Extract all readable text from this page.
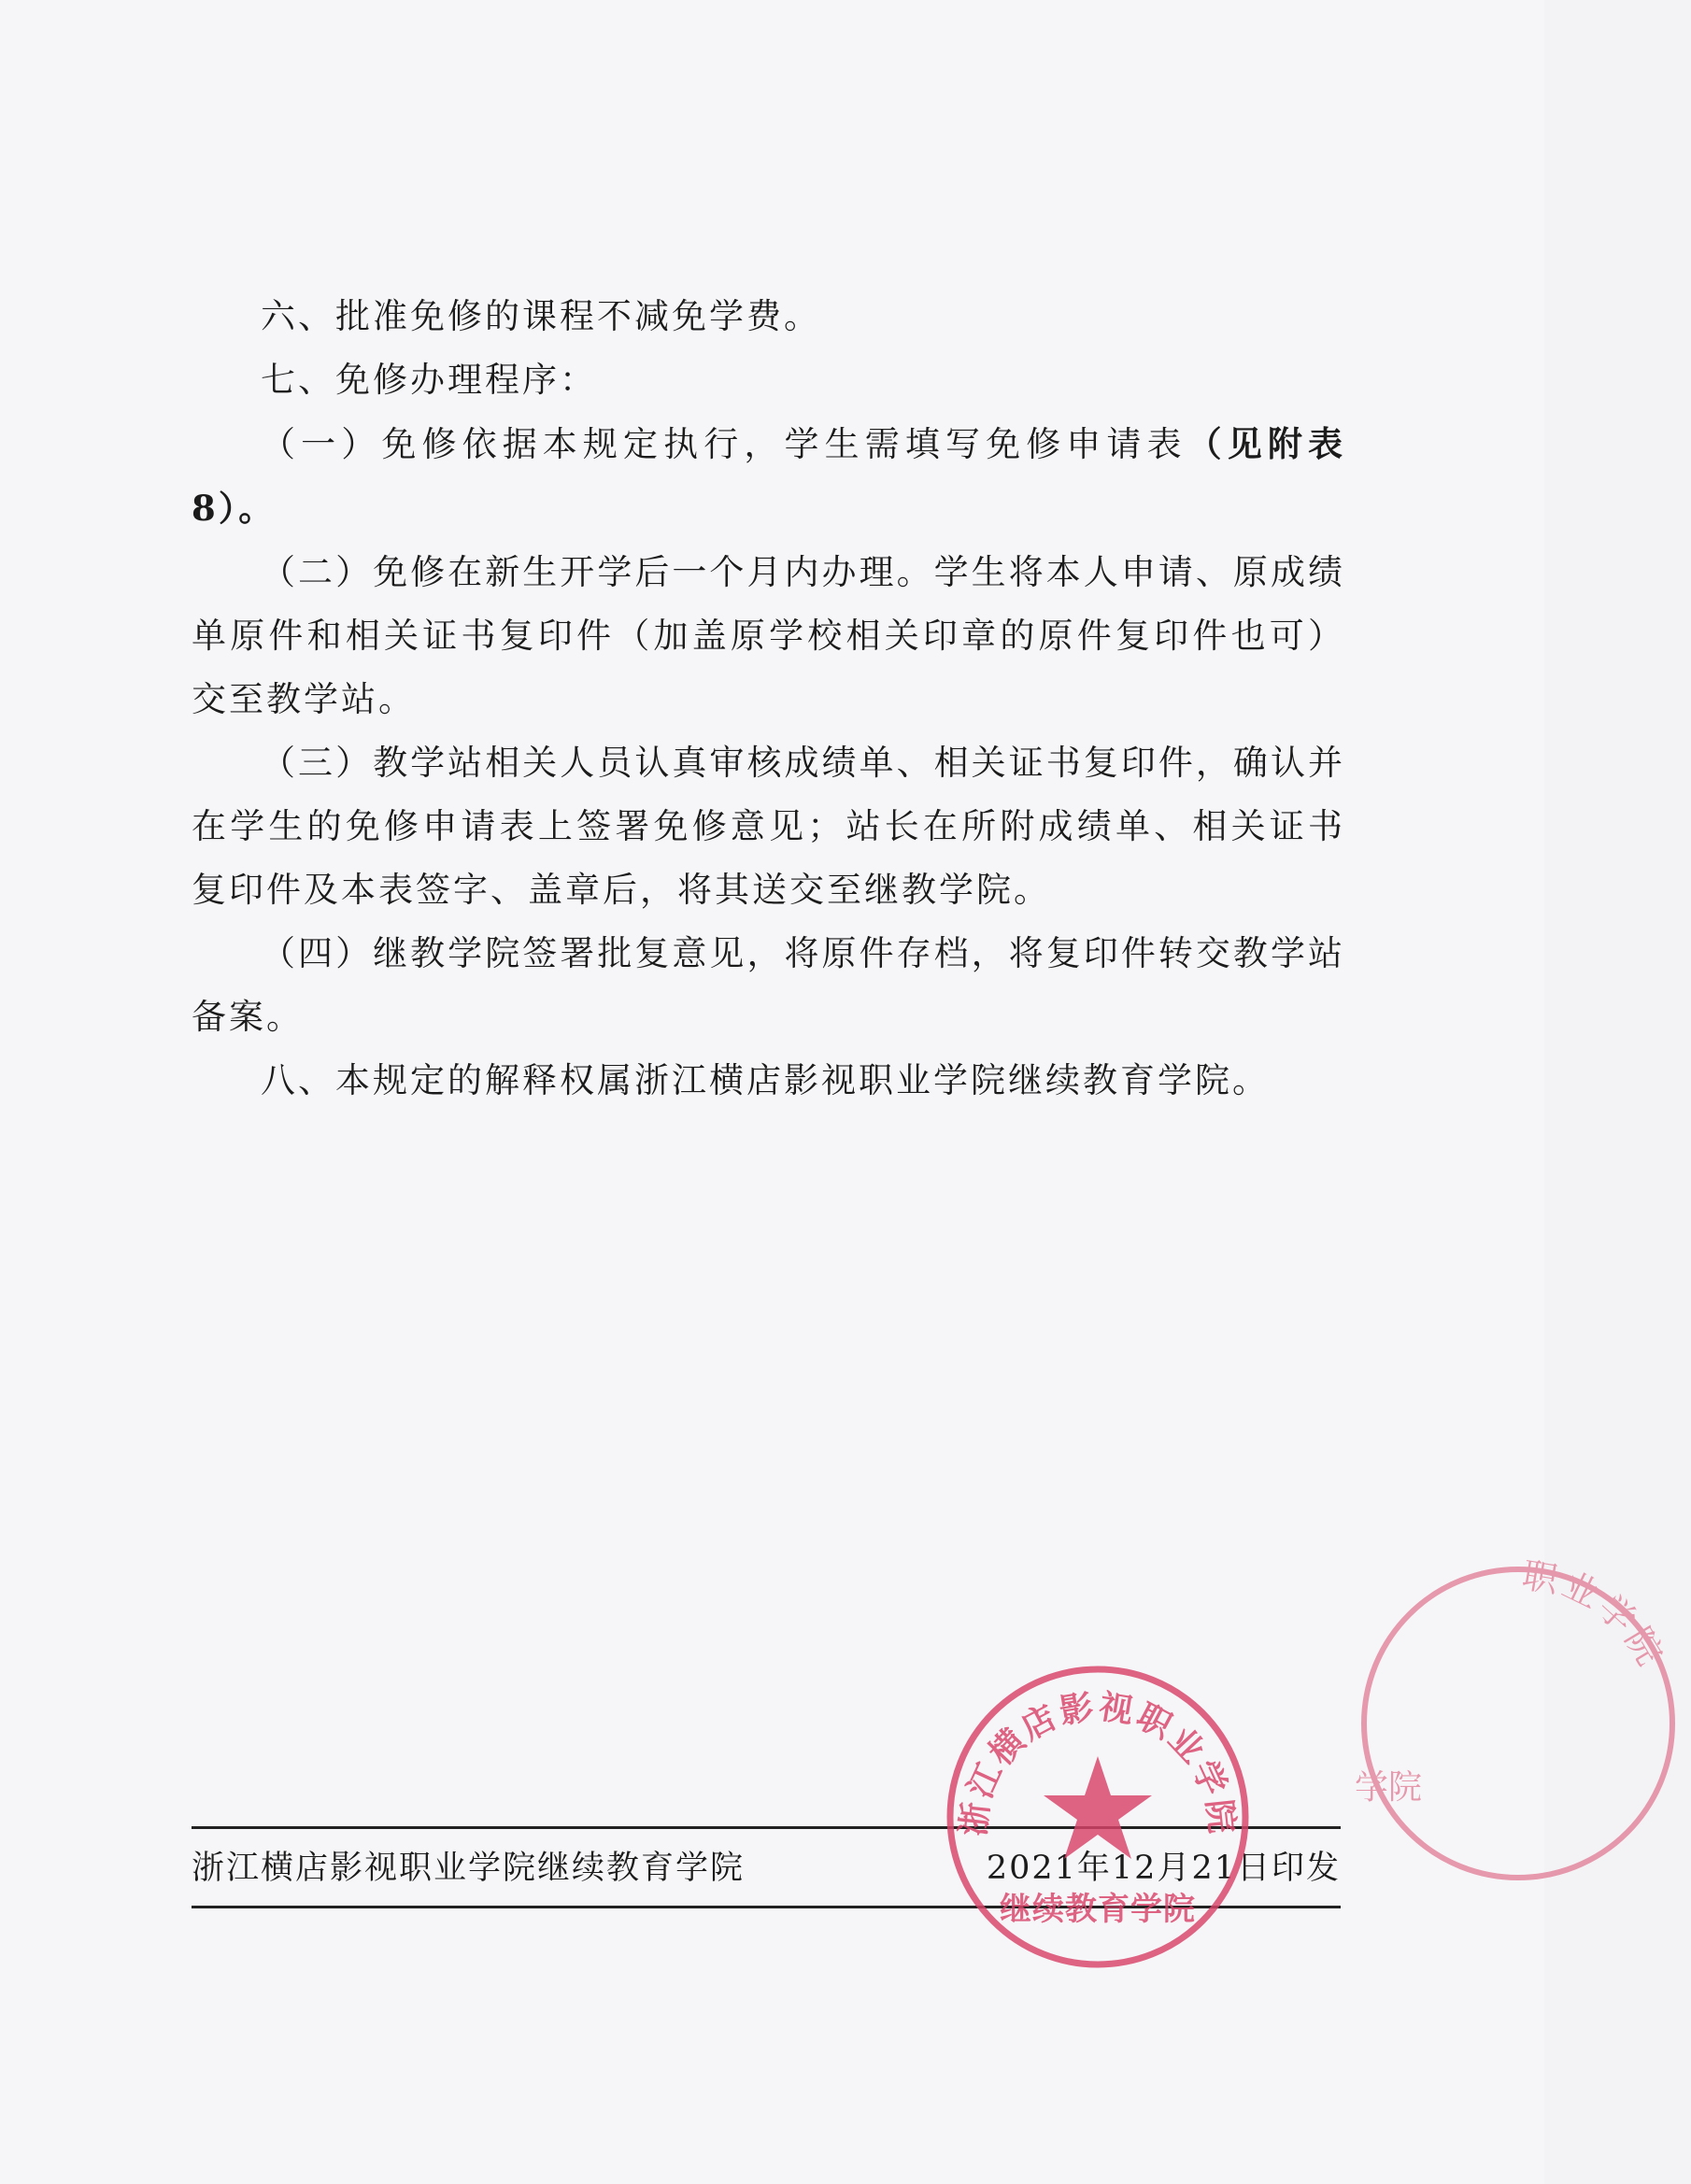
六、批准免修的课程不减免学费。

七、免修办理程序：

（一）免修依据本规定执行，学生需填写免修申请表（见附表8）。

（二）免修在新生开学后一个月内办理。学生将本人申请、原成绩单原件和相关证书复印件（加盖原学校相关印章的原件复印件也可）交至教学站。

（三）教学站相关人员认真审核成绩单、相关证书复印件，确认并在学生的免修申请表上签署免修意见；站长在所附成绩单、相关证书复印件及本表签字、盖章后，将其送交至继教学院。

（四）继教学院签署批复意见，将原件存档，将复印件转交教学站备案。

八、本规定的解释权属浙江横店影视职业学院继续教育学院。

浙江横店影视职业学院继续教育学院	2021年12月21日印发
浙江横店影视职业学院
继续教育学院
职业学院
学院
